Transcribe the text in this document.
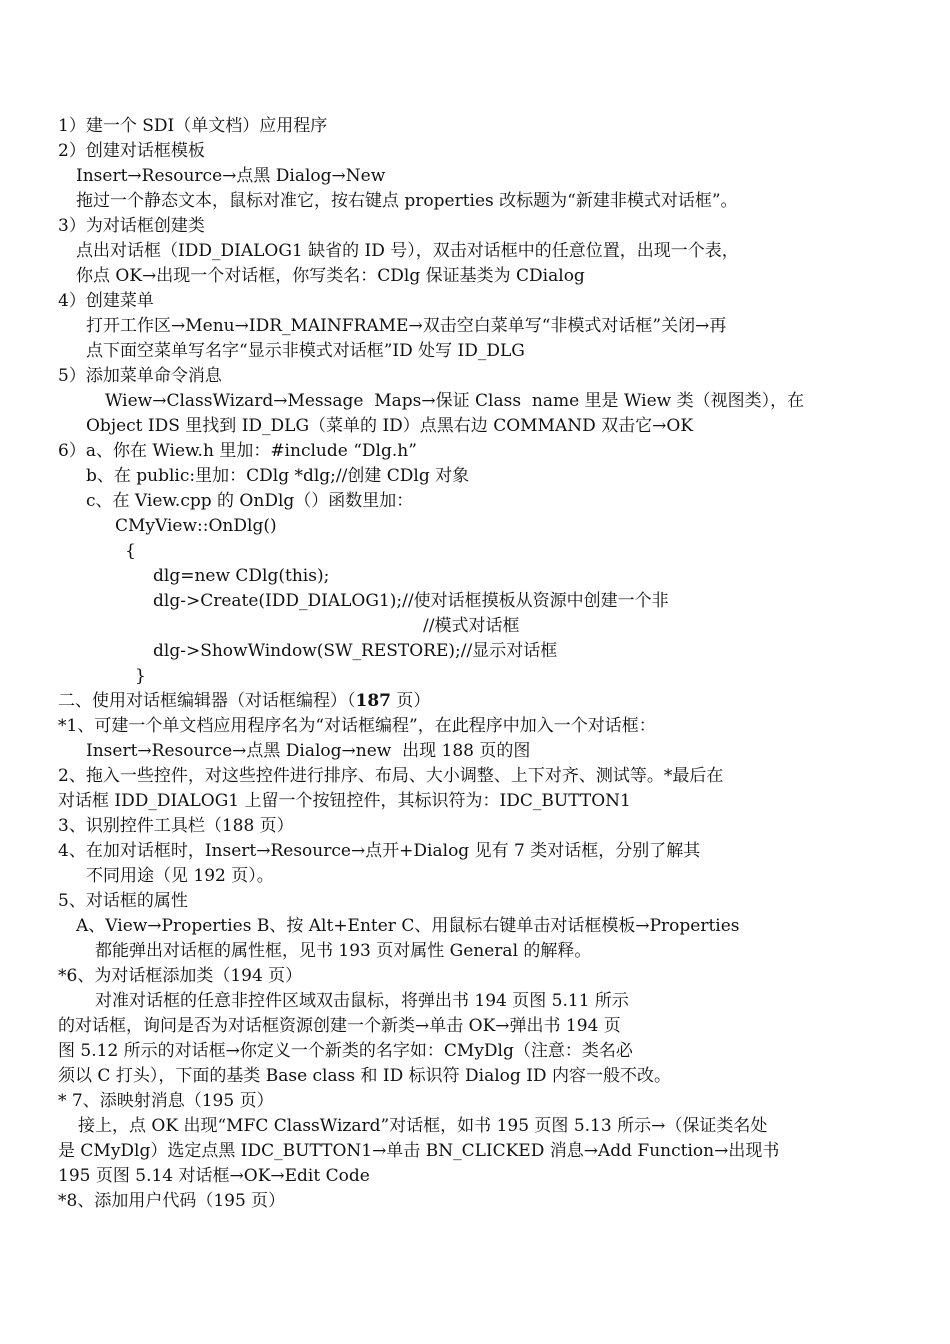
1）建一个 SDI（单文档）应用程序
2）创建对话框模板
Insert→Resource→点黑 Dialog→New
拖过一个静态文本，鼠标对准它，按右键点 properties 改标题为“新建非模式对话框”。
3）为对话框创建类
点出对话框（IDD_DIALOG1 缺省的 ID 号），双击对话框中的任意位置，出现一个表，
你点 OK→出现一个对话框，你写类名：CDlg 保证基类为 CDialog
4）创建菜单
打开工作区→Menu→IDR_MAINFRAME→双击空白菜单写“非模式对话框”关闭→再
点下面空菜单写名字“显示非模式对话框”ID 处写 ID_DLG
5）添加菜单命令消息
Wiew→ClassWizard→Message  Maps→保证 Class  name 里是 Wiew 类（视图类），在
Object IDS 里找到 ID_DLG（菜单的 ID）点黑右边 COMMAND 双击它→OK
6）a、你在 Wiew.h 里加：#include “Dlg.h”
b、在 public:里加：CDlg *dlg;//创建 CDlg 对象
c、在 View.cpp 的 OnDlg（）函数里加：
CMyView::OnDlg()
{
dlg=new CDlg(this);
dlg->Create(IDD_DIALOG1);//使对话框摸板从资源中创建一个非
//模式对话框
dlg->ShowWindow(SW_RESTORE);//显示对话框
}
二、使用对话框编辑器（对话框编程）（187 页）
*1、可建一个单文档应用程序名为“对话框编程”，在此程序中加入一个对话框：
Insert→Resource→点黑 Dialog→new  出现 188 页的图
2、拖入一些控件，对这些控件进行排序、布局、大小调整、上下对齐、测试等。*最后在
对话框 IDD_DIALOG1 上留一个按钮控件，其标识符为：IDC_BUTTON1
3、识别控件工具栏（188 页）
4、在加对话框时，Insert→Resource→点开+Dialog 见有 7 类对话框，分别了解其
不同用途（见 192 页）。
5、对话框的属性
A、View→Properties B、按 Alt+Enter C、用鼠标右键单击对话框模板→Properties
都能弹出对话框的属性框，见书 193 页对属性 General 的解释。
*6、为对话框添加类（194 页）
对准对话框的任意非控件区域双击鼠标，将弹出书 194 页图 5.11 所示
的对话框，询问是否为对话框资源创建一个新类→单击 OK→弹出书 194 页
图 5.12 所示的对话框→你定义一个新类的名字如：CMyDlg（注意：类名必
须以 C 打头），下面的基类 Base class 和 ID 标识符 Dialog ID 内容一般不改。
* 7、添映射消息（195 页）
接上，点 OK 出现“MFC ClassWizard”对话框，如书 195 页图 5.13 所示→（保证类名处
是 CMyDlg）选定点黑 IDC_BUTTON1→单击 BN_CLICKED 消息→Add Function→出现书
195 页图 5.14 对话框→OK→Edit Code
*8、添加用户代码（195 页）
